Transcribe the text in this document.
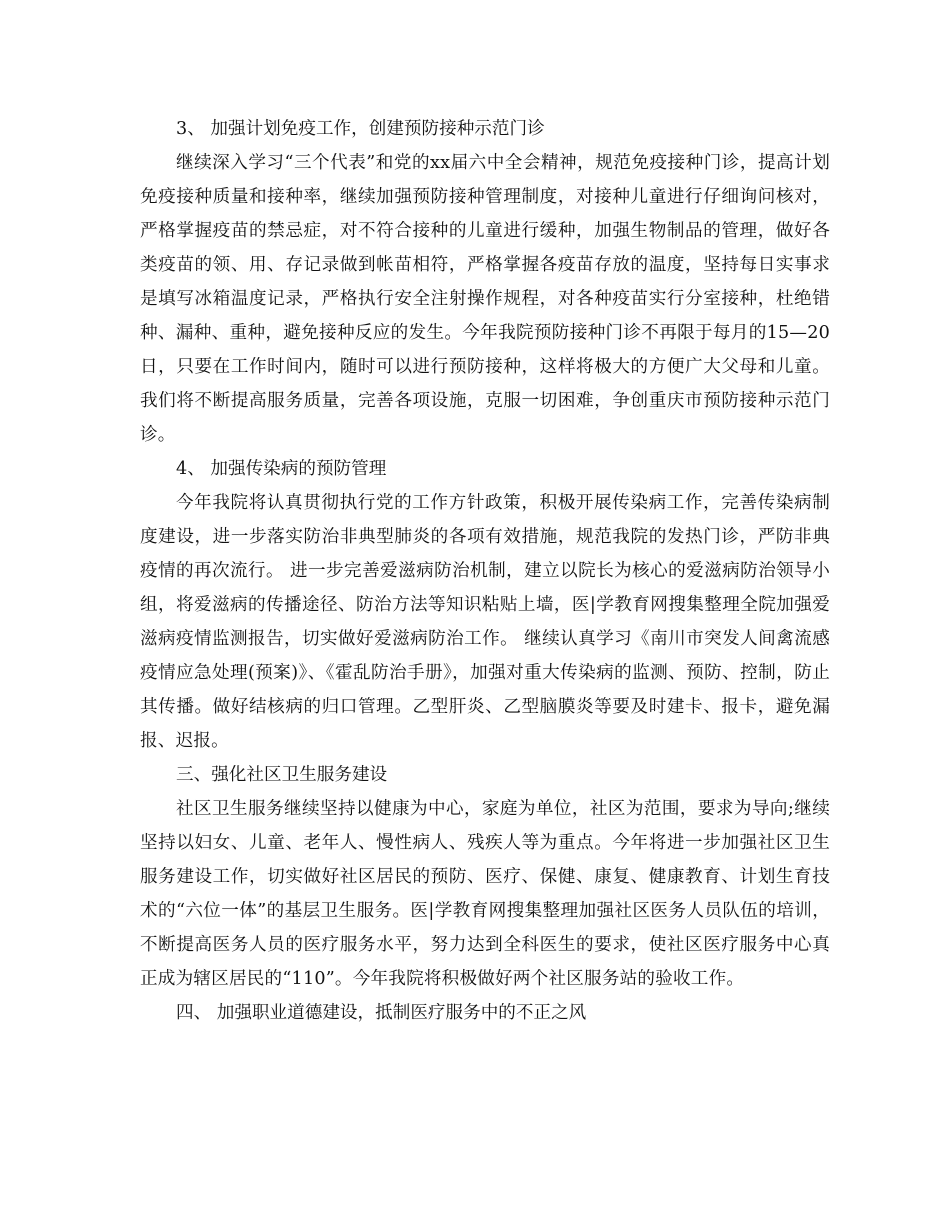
3、 加强计划免疫工作，创建预防接种示范门诊

继续深入学习“三个代表”和党的xx届六中全会精神，规范免疫接种门诊，提高计划免疫接种质量和接种率，继续加强预防接种管理制度，对接种儿童进行仔细询问核对，严格掌握疫苗的禁忌症，对不符合接种的儿童进行缓种，加强生物制品的管理，做好各类疫苗的领、用、存记录做到帐苗相符，严格掌握各疫苗存放的温度，坚持每日实事求是填写冰箱温度记录，严格执行安全注射操作规程，对各种疫苗实行分室接种，杜绝错种、漏种、重种，避免接种反应的发生。今年我院预防接种门诊不再限于每月的15—20日，只要在工作时间内，随时可以进行预防接种，这样将极大的方便广大父母和儿童。我们将不断提高服务质量，完善各项设施，克服一切困难，争创重庆市预防接种示范门诊。

4、 加强传染病的预防管理

今年我院将认真贯彻执行党的工作方针政策，积极开展传染病工作，完善传染病制度建设，进一步落实防治非典型肺炎的各项有效措施，规范我院的发热门诊，严防非典疫情的再次流行。 进一步完善爱滋病防治机制，建立以院长为核心的爱滋病防治领导小组，将爱滋病的传播途径、防治方法等知识粘贴上墙，医|学教育网搜集整理全院加强爱滋病疫情监测报告，切实做好爱滋病防治工作。 继续认真学习《南川市突发人间禽流感疫情应急处理(预案)》、《霍乱防治手册》，加强对重大传染病的监测、预防、控制，防止其传播。做好结核病的归口管理。乙型肝炎、乙型脑膜炎等要及时建卡、报卡，避免漏报、迟报。

三、强化社区卫生服务建设

社区卫生服务继续坚持以健康为中心，家庭为单位，社区为范围，要求为导向;继续坚持以妇女、儿童、老年人、慢性病人、残疾人等为重点。今年将进一步加强社区卫生服务建设工作，切实做好社区居民的预防、医疗、保健、康复、健康教育、计划生育技术的“六位一体”的基层卫生服务。医|学教育网搜集整理加强社区医务人员队伍的培训，不断提高医务人员的医疗服务水平，努力达到全科医生的要求，使社区医疗服务中心真正成为辖区居民的“110”。今年我院将积极做好两个社区服务站的验收工作。

四、 加强职业道德建设，抵制医疗服务中的不正之风
